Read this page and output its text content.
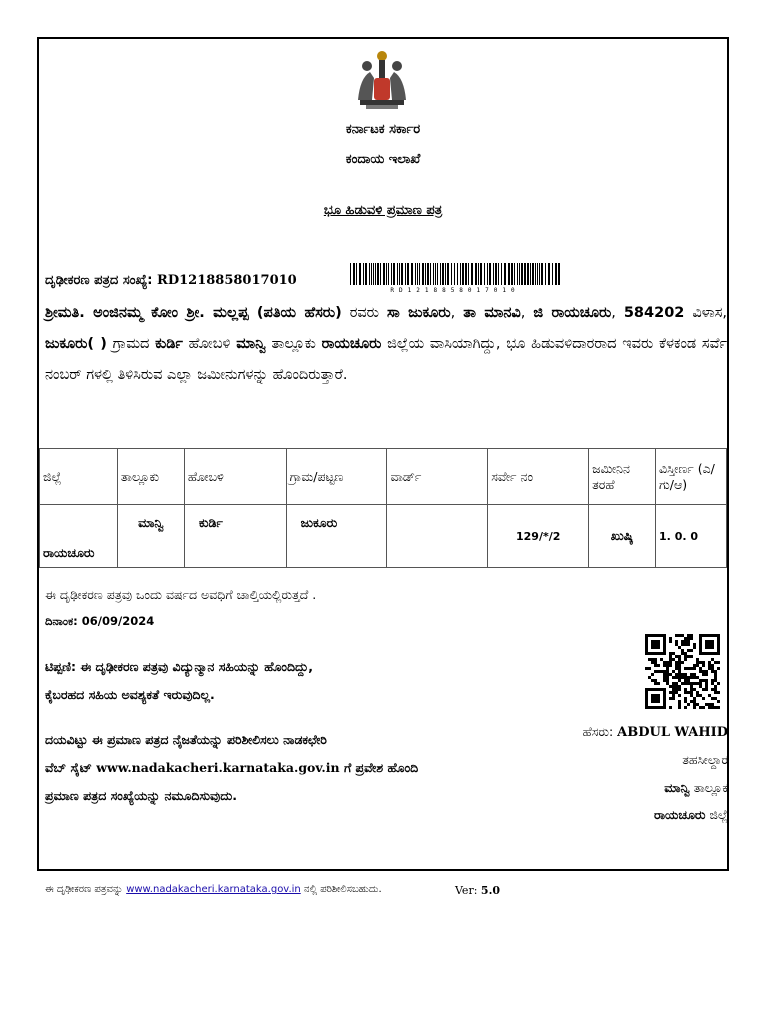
ಕರ್ನಾಟಕ ಸರ್ಕಾರ
ಕಂದಾಯ ಇಲಾಖೆ
ಭೂ ಹಿಡುವಳಿ ಪ್ರಮಾಣ ಪತ್ರ
ದೃಢೀಕರಣ ಪತ್ರದ ಸಂಖ್ಯೆ: RD1218858017010
RD1218858017010
ಶ್ರೀಮತಿ. ಅಂಜಿನಮ್ಮ ಕೋಂ ಶ್ರೀ. ಮಲ್ಲಪ್ಪ (ಪತಿಯ ಹೆಸರು) ರವರು ಸಾ ಜುಕೂರು, ತಾ ಮಾನವಿ, ಜಿ ರಾಯಚೂರು, 584202 ವಿಳಾಸ, ಜುಕೂರು( ) ಗ್ರಾಮದ ಕುರ್ಡಿ ಹೋಬಳಿ ಮಾನ್ವಿ ತಾಲ್ಲೂಕು ರಾಯಚೂರು ಜಿಲ್ಲೆಯ ವಾಸಿಯಾಗಿದ್ದು, ಭೂ ಹಿಡುವಳಿದಾರರಾದ ಇವರು ಕೆಳಕಂಡ ಸರ್ವೆ ನಂಬರ್ ಗಳಲ್ಲಿ ತಿಳಿಸಿರುವ ಎಲ್ಲಾ ಜಮೀನುಗಳನ್ನು ಹೊಂದಿರುತ್ತಾರೆ.
ಜಿಲ್ಲೆ	ತಾಲ್ಲೂಕು	ಹೋಬಳಿ	ಗ್ರಾಮ/ಪಟ್ಟಣ	ವಾರ್ಡ್	ಸರ್ವೇ ನಂ	ಜಮೀನಿನ ತರಹೆ	ವಿಸ್ತೀರ್ಣ (ಎ/ಗು/ಆ)
ರಾಯಚೂರು	ಮಾನ್ವಿ	ಕುರ್ಡಿ	ಜುಕೂರು		129/*/2	ಖುಷ್ಕಿ	1. 0. 0
ಈ ದೃಢೀಕರಣ ಪತ್ರವು ಒಂದು ವರ್ಷದ ಅವಧಿಗೆ ಚಾಲ್ತಿಯಲ್ಲಿರುತ್ತದೆ .
ದಿನಾಂಕ: 06/09/2024
ಟಿಪ್ಪಣಿ: ಈ ದೃಢೀಕರಣ ಪತ್ರವು ವಿದ್ಯುನ್ಮಾನ ಸಹಿಯನ್ನು ಹೊಂದಿದ್ದು,
ಕೈಬರಹದ ಸಹಿಯ ಅವಶ್ಯಕತೆ ಇರುವುದಿಲ್ಲ.
ದಯವಿಟ್ಟು ಈ ಪ್ರಮಾಣ ಪತ್ರದ ನೈಜತೆಯನ್ನು ಪರಿಶೀಲಿಸಲು ನಾಡಕಛೇರಿ
ವೆಬ್ ಸೈಟ್ www.nadakacheri.karnataka.gov.in ಗೆ ಪ್ರವೇಶ ಹೊಂದಿ
ಪ್ರಮಾಣ ಪತ್ರದ ಸಂಖ್ಯೆಯನ್ನು ನಮೂದಿಸುವುದು.
ಹೆಸರು: ABDUL WAHID
ತಹಸೀಲ್ದಾರ
ಮಾನ್ವಿ ತಾಲ್ಲೂಕ
ರಾಯಚೂರು ಜಿಲ್ಲೆ
ಈ ದೃಢೀಕರಣ ಪತ್ರವನ್ನು www.nadakacheri.karnataka.gov.in ನಲ್ಲಿ ಪರಿಶೀಲಿಸಬಹುದು.	Ver: 5.0
